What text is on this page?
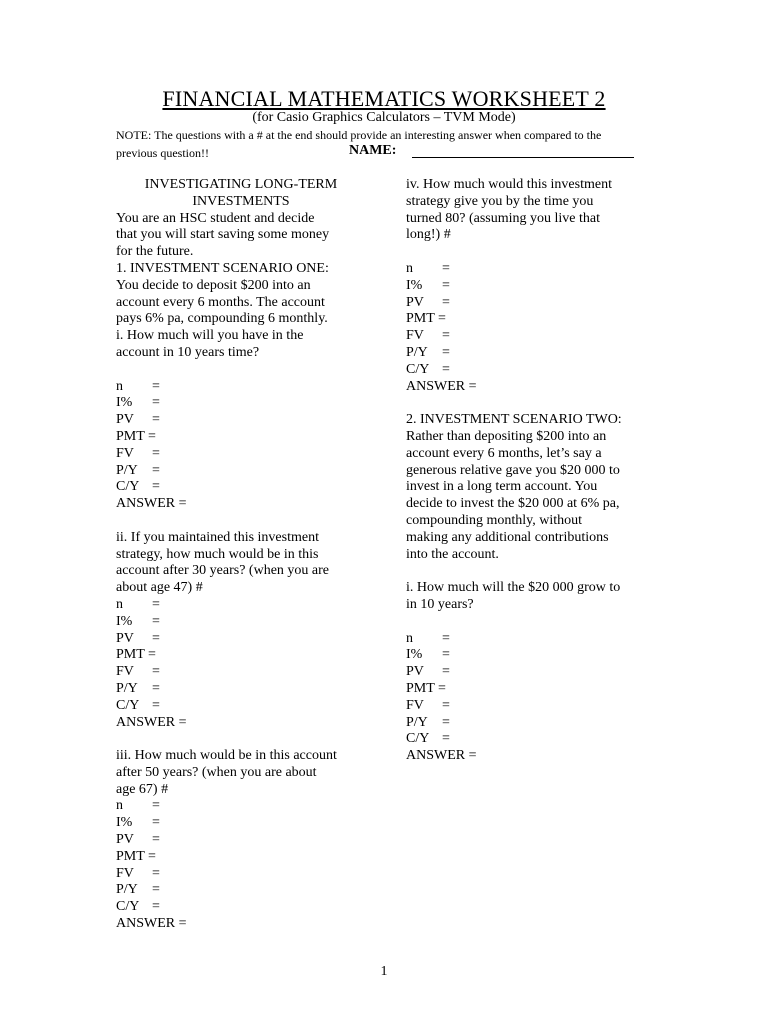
FINANCIAL MATHEMATICS WORKSHEET 2
(for Casio Graphics Calculators – TVM Mode)
NOTE: The questions with a # at the end should provide an interesting answer when compared to the
previous question!!	NAME:
INVESTIGATING LONG-TERM
INVESTMENTS
You are an HSC student and decide
that you will start saving some money
for the future.
1. INVESTMENT SCENARIO ONE:
You decide to deposit $200 into an
account every 6 months. The account
pays 6% pa, compounding 6 monthly.
i. How much will you have in the
account in 10 years time?
n =
I% =
PV =
PMT =
FV =
P/Y =
C/Y =
ANSWER =
ii. If you maintained this investment
strategy, how much would be in this
account after 30 years? (when you are
about age 47) #
n =
I% =
PV =
PMT =
FV =
P/Y =
C/Y =
ANSWER =
iii. How much would be in this account
after 50 years? (when you are about
age 67) #
n =
I% =
PV =
PMT =
FV =
P/Y =
C/Y =
ANSWER =
iv. How much would this investment
strategy give you by the time you
turned 80? (assuming you live that
long!) #
n =
I% =
PV =
PMT =
FV =
P/Y =
C/Y =
ANSWER =
2. INVESTMENT SCENARIO TWO:
Rather than depositing $200 into an
account every 6 months, let’s say a
generous relative gave you $20 000 to
invest in a long term account. You
decide to invest the $20 000 at 6% pa,
compounding monthly, without
making any additional contributions
into the account.
i. How much will the $20 000 grow to
in 10 years?
n =
I% =
PV =
PMT =
FV =
P/Y =
C/Y =
ANSWER =
1
